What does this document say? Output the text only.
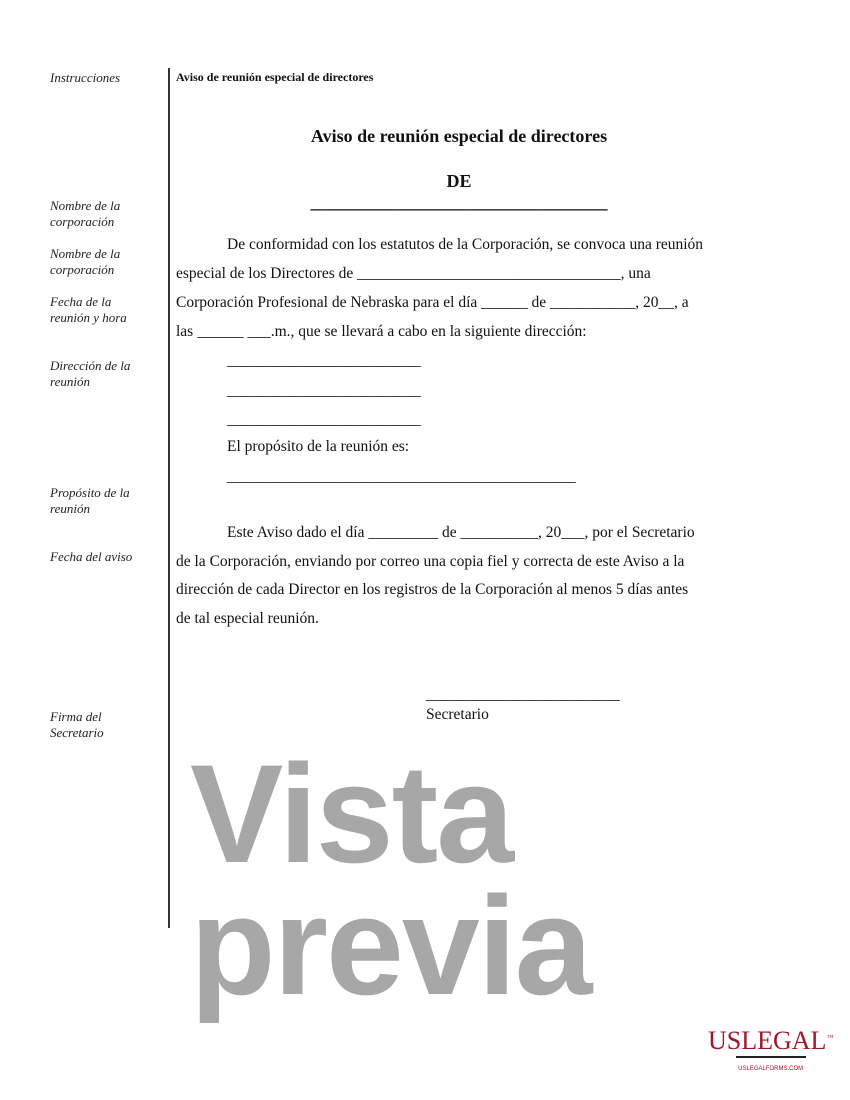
Instrucciones
Nombre de la
corporación
Nombre de la
corporación
Fecha de la
reunión y hora
Dirección de la
reunión
Propósito de la
reunión
Fecha del aviso
Firma del
Secretario
Aviso de reunión especial de directores
Aviso de reunión especial de directores
DE
_________________________________
De conformidad con los estatutos de la Corporación, se convoca una reunión
especial de los Directores de __________________________________, una
Corporación Profesional de Nebraska para el día ______ de ___________, 20__, a
las ______ ___.m., que se llevará a cabo en la siguiente dirección:
_________________________
_________________________
_________________________
El propósito de la reunión es:
_____________________________________________
Este Aviso dado el día _________ de __________, 20___, por el Secretario
de la Corporación, enviando por correo una copia fiel y correcta de este Aviso a la
dirección de cada Director en los registros de la Corporación al menos 5 días antes
de tal especial reunión.
_________________________
Secretario
Vista previa
USLEGAL™
USLEGALFORMS.COM
